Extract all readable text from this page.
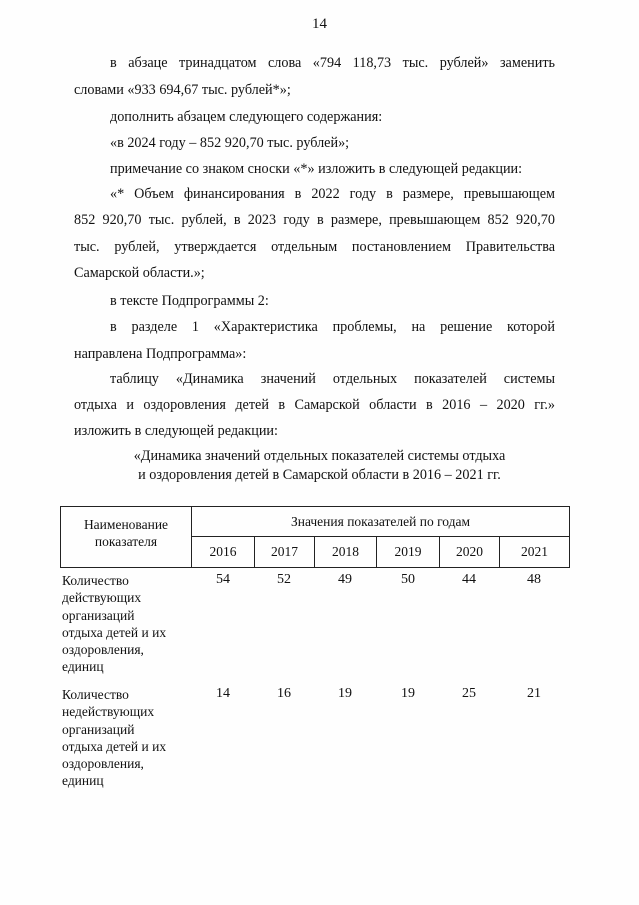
14
в абзаце тринадцатом слова «794 118,73 тыс. рублей» заменить
словами «933 694,67 тыс. рублей*»;
дополнить абзацем следующего содержания:
«в 2024 году – 852 920,70 тыс. рублей»;
примечание со знаком сноски «*» изложить в следующей редакции:
«* Объем финансирования в 2022 году в размере, превышающем
852 920,70 тыс. рублей, в 2023 году в размере, превышающем 852 920,70
тыс. рублей, утверждается отдельным постановлением Правительства
Самарской области.»;
в тексте Подпрограммы 2:
в разделе 1 «Характеристика проблемы, на решение которой
направлена Подпрограмма»:
таблицу «Динамика значений отдельных показателей системы
отдыха и оздоровления детей в Самарской области в 2016 – 2020 гг.»
изложить в следующей редакции:
«Динамика значений отдельных показателей системы отдыха
и оздоровления детей в Самарской области в 2016 – 2021 гг.
Наименование
показателя
Значения показателей по годам
2016	2017	2018	2019	2020	2021
Количество
действующих
организаций
отдыха детей и их
оздоровления,
единиц
54	52	49	50	44	48
Количество
недействующих
организаций
отдыха детей и их
оздоровления,
единиц
14	16	19	19	25	21
